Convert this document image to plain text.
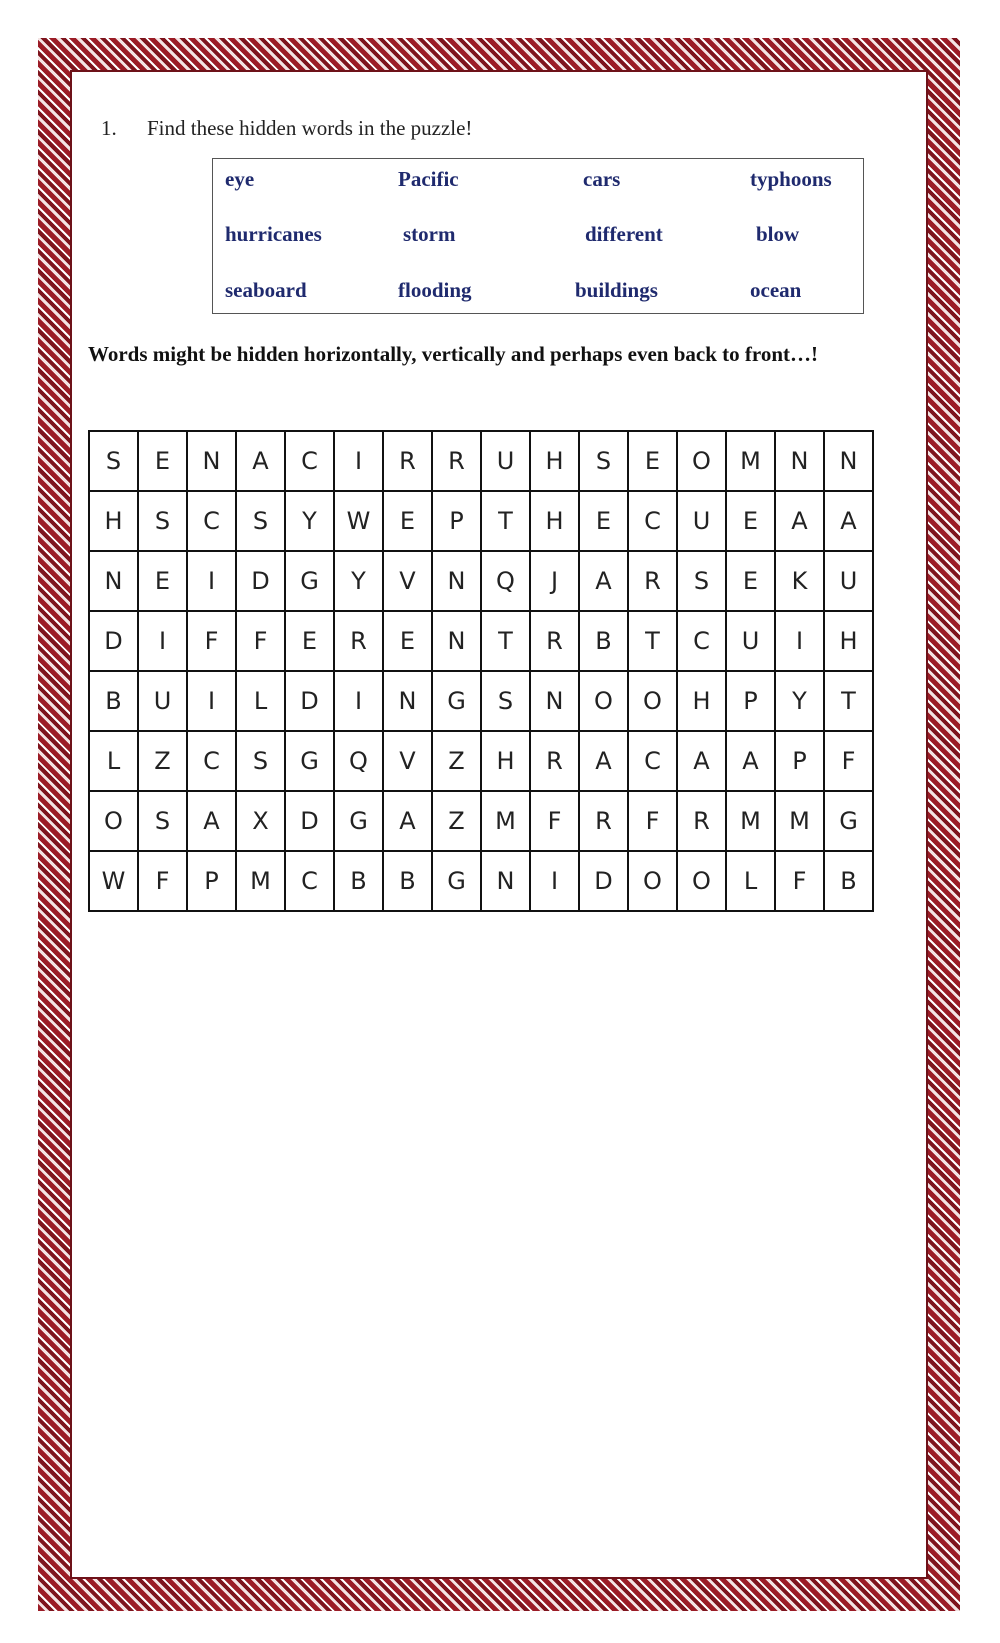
1. Find these hidden words in the puzzle!
eye	Pacific	cars	typhoons
hurricanes	storm	different	blow
seaboard	flooding	buildings	ocean
Words might be hidden horizontally, vertically and perhaps even back to front…!
S	E	N	A	C	I	R	R	U	H	S	E	O	M	N	N
H	S	C	S	Y	W	E	P	T	H	E	C	U	E	A	A
N	E	I	D	G	Y	V	N	Q	J	A	R	S	E	K	U
D	I	F	F	E	R	E	N	T	R	B	T	C	U	I	H
B	U	I	L	D	I	N	G	S	N	O	O	H	P	Y	T
L	Z	C	S	G	Q	V	Z	H	R	A	C	A	A	P	F
O	S	A	X	D	G	A	Z	M	F	R	F	R	M	M	G
W	F	P	M	C	B	B	G	N	I	D	O	O	L	F	B
